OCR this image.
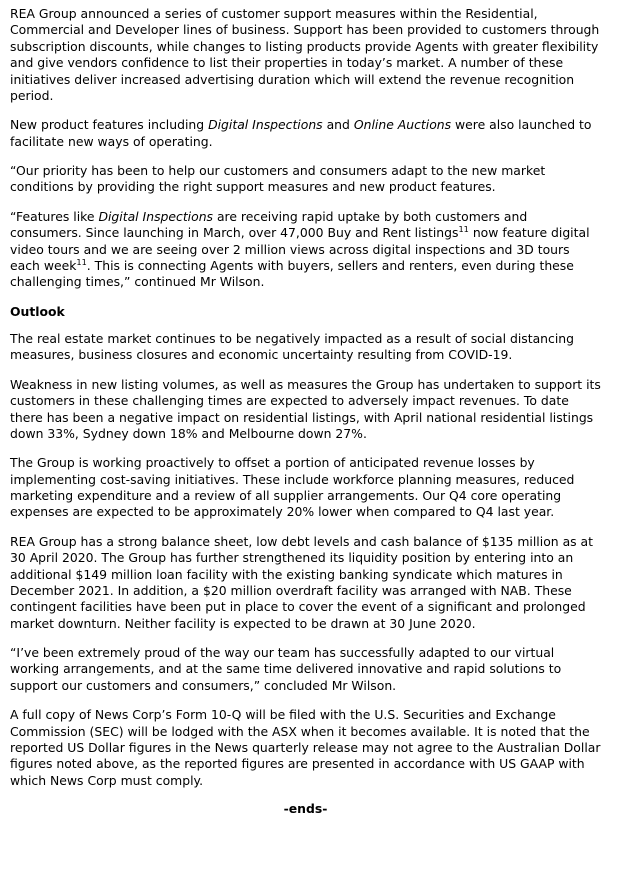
REA Group announced a series of customer support measures within the Residential, Commercial and Developer lines of business. Support has been provided to customers through subscription discounts, while changes to listing products provide Agents with greater flexibility and give vendors confidence to list their properties in today’s market. A number of these initiatives deliver increased advertising duration which will extend the revenue recognition period.

New product features including Digital Inspections and Online Auctions were also launched to facilitate new ways of operating.

“Our priority has been to help our customers and consumers adapt to the new market conditions by providing the right support measures and new product features.

“Features like Digital Inspections are receiving rapid uptake by both customers and consumers. Since launching in March, over 47,000 Buy and Rent listings$^{11}$ now feature digital video tours and we are seeing over 2 million views across digital inspections and 3D tours each week$^{11}$. This is connecting Agents with buyers, sellers and renters, even during these challenging times,” continued Mr Wilson.

Outlook

The real estate market continues to be negatively impacted as a result of social distancing measures, business closures and economic uncertainty resulting from COVID-19.

Weakness in new listing volumes, as well as measures the Group has undertaken to support its customers in these challenging times are expected to adversely impact revenues. To date there has been a negative impact on residential listings, with April national residential listings down 33%, Sydney down 18% and Melbourne down 27%.

The Group is working proactively to offset a portion of anticipated revenue losses by implementing cost-saving initiatives. These include workforce planning measures, reduced marketing expenditure and a review of all supplier arrangements. Our Q4 core operating expenses are expected to be approximately 20% lower when compared to Q4 last year.

REA Group has a strong balance sheet, low debt levels and cash balance of $135 million as at 30 April 2020. The Group has further strengthened its liquidity position by entering into an additional $149 million loan facility with the existing banking syndicate which matures in December 2021. In addition, a $20 million overdraft facility was arranged with NAB. These contingent facilities have been put in place to cover the event of a significant and prolonged market downturn. Neither facility is expected to be drawn at 30 June 2020.

“I’ve been extremely proud of the way our team has successfully adapted to our virtual working arrangements, and at the same time delivered innovative and rapid solutions to support our customers and consumers,” concluded Mr Wilson.

A full copy of News Corp’s Form 10-Q will be filed with the U.S. Securities and Exchange Commission (SEC) will be lodged with the ASX when it becomes available. It is noted that the reported US Dollar figures in the News quarterly release may not agree to the Australian Dollar figures noted above, as the reported figures are presented in accordance with US GAAP with which News Corp must comply.

-ends-
